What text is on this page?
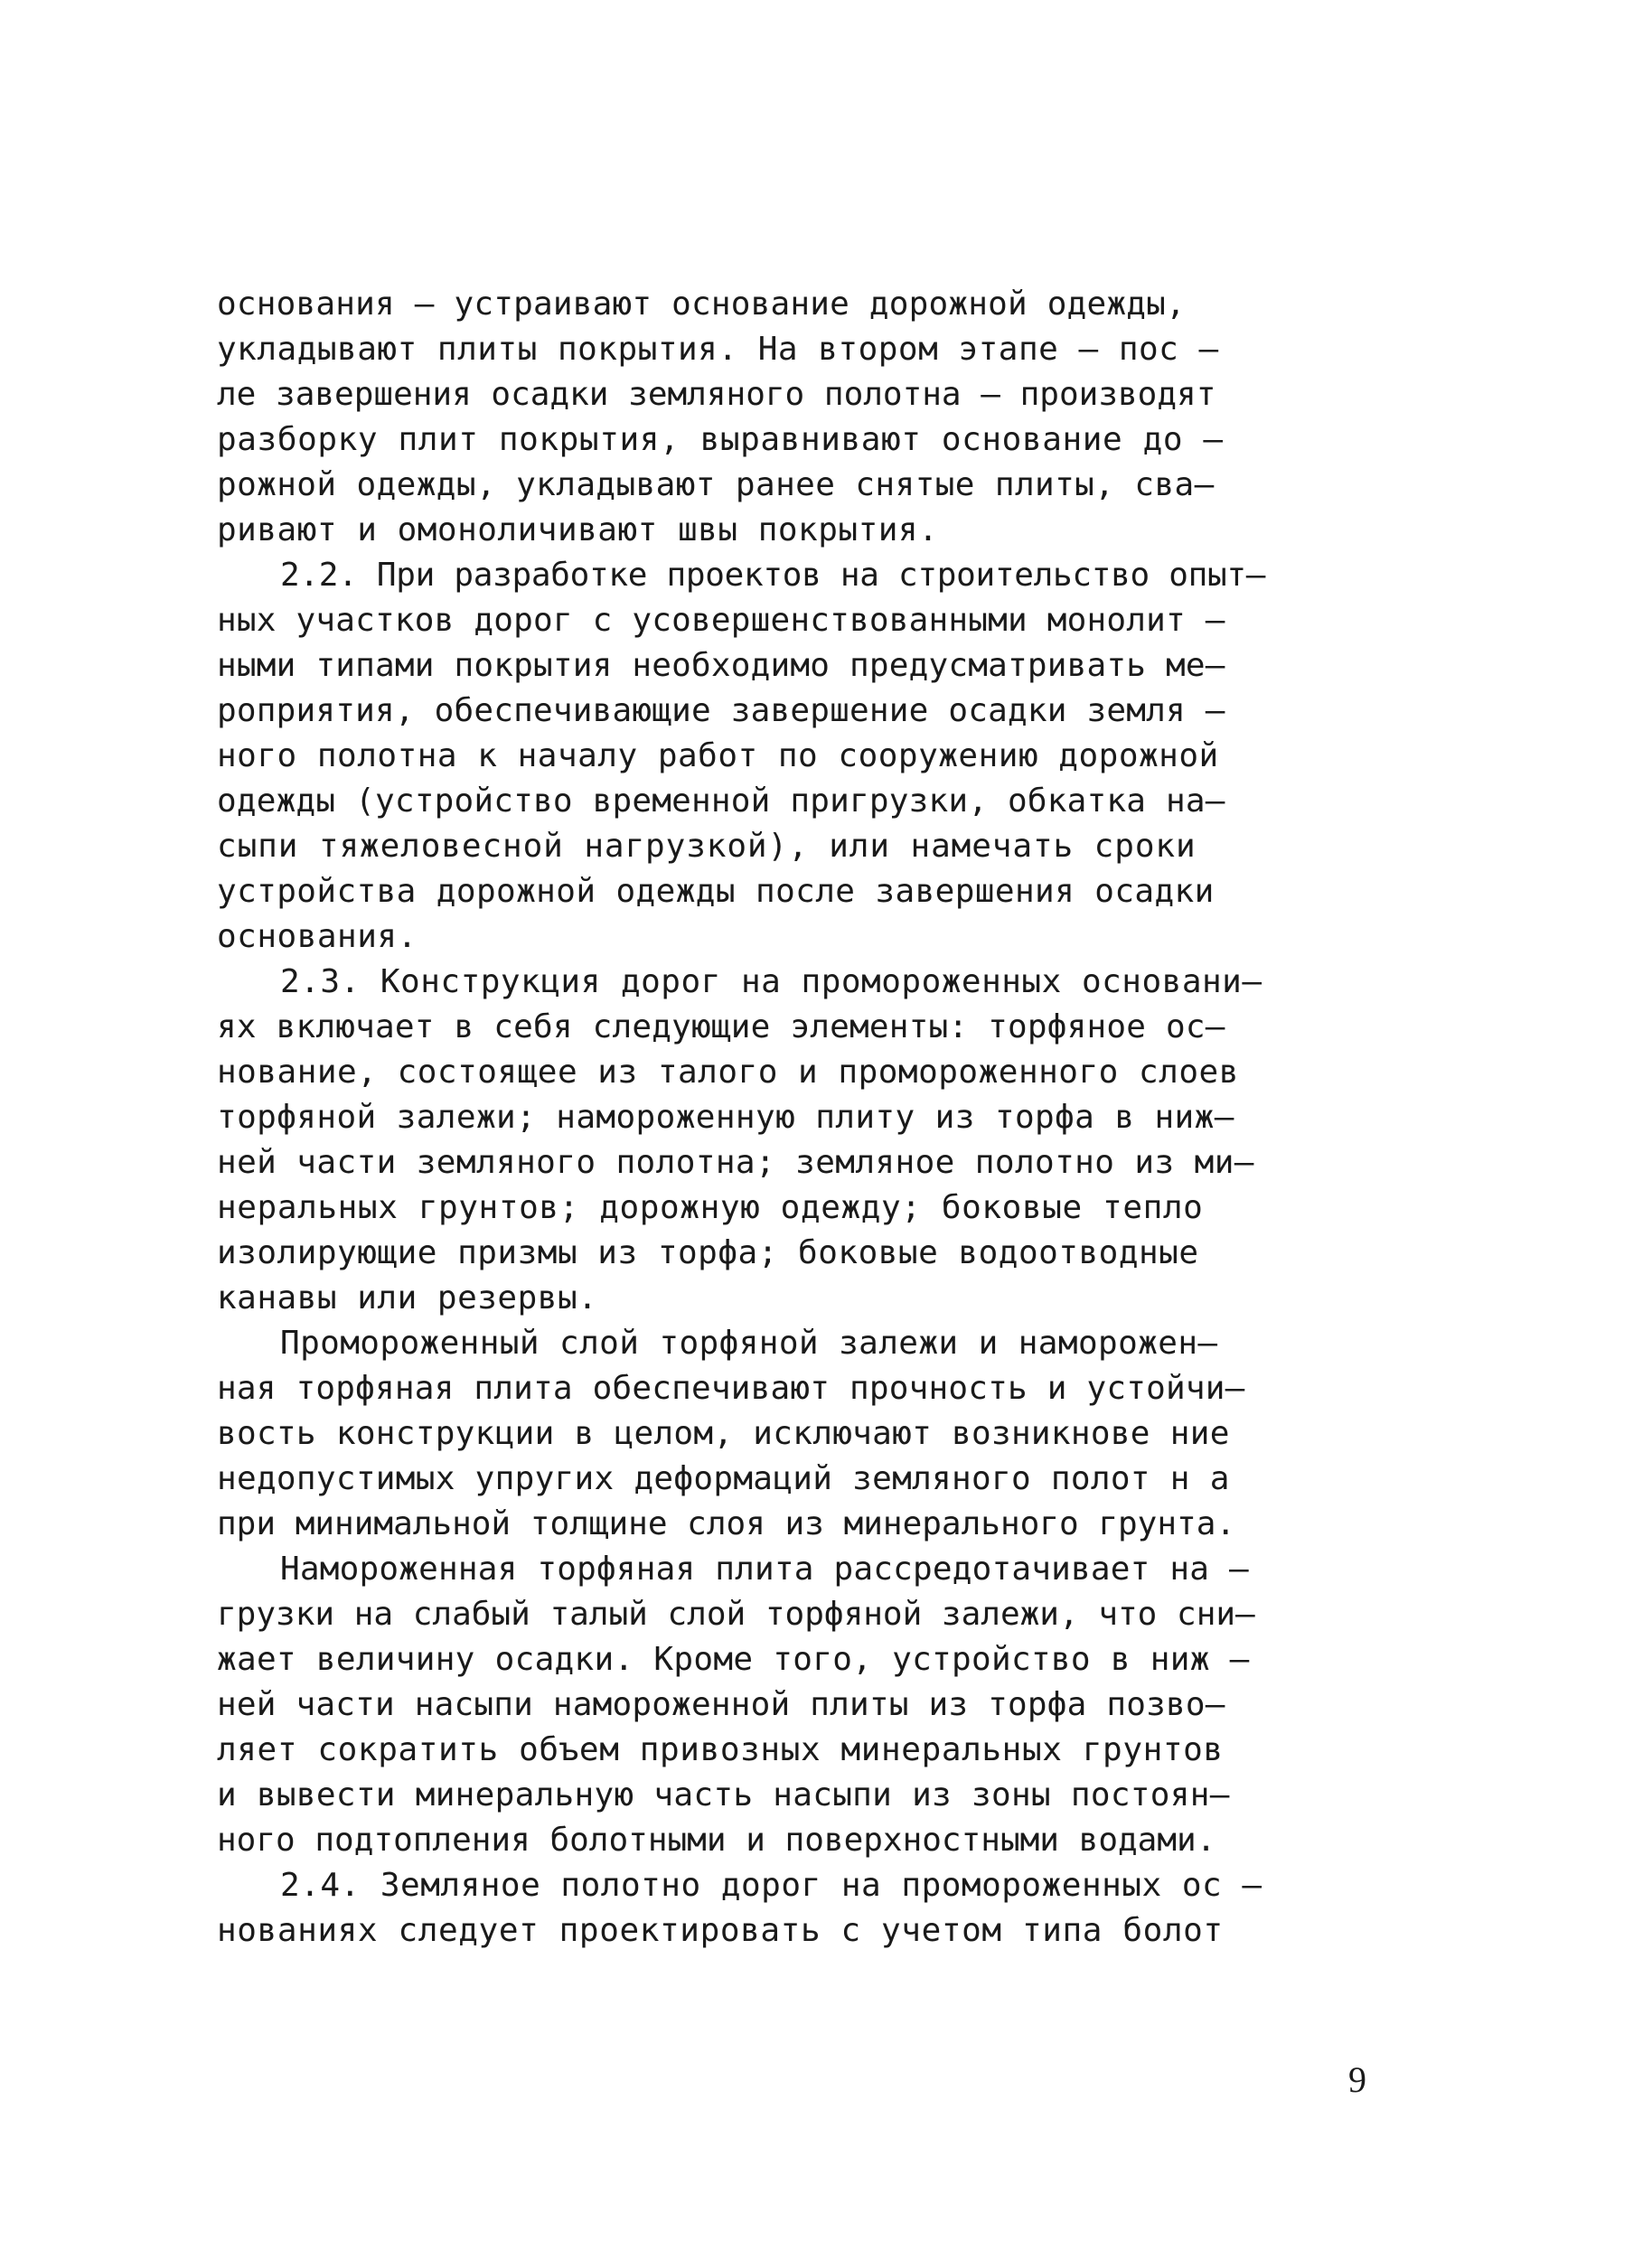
основания – устраивают основание дорожной одежды,
укладывают плиты покрытия. На втором этапе – пос –
ле завершения осадки земляного полотна – производят
разборку плит покрытия, выравнивают основание до –
рожной одежды, укладывают ранее снятые плиты, сва–
ривают и омоноличивают швы покрытия.
2.2. При разработке проектов на строительство опыт–
ных участков дорог с усовершенствованными монолит –
ными типами покрытия необходимо предусматривать ме–
роприятия, обеспечивающие завершение осадки земля –
ного полотна к началу работ по сооружению дорожной
одежды (устройство временной пригрузки, обкатка на–
сыпи тяжеловесной нагрузкой), или намечать сроки
устройства дорожной одежды после завершения осадки
основания.
2.3. Конструкция дорог на промороженных основани–
ях включает в себя следующие элементы: торфяное ос–
нование, состоящее из талого и промороженного слоев
торфяной залежи; намороженную плиту из торфа в ниж–
ней части земляного полотна; земляное полотно из ми–
неральных грунтов; дорожную одежду; боковые тепло
изолирующие призмы из торфа; боковые водоотводные
канавы или резервы.
Промороженный слой торфяной залежи и наморожен–
ная торфяная плита обеспечивают прочность и устойчи–
вость конструкции в целом, исключают возникнове ние
недопустимых упругих деформаций земляного полот н а
при минимальной толщине слоя из минерального грунта.
Намороженная торфяная плита рассредотачивает на –
грузки на слабый талый слой торфяной залежи, что сни–
жает величину осадки. Кроме того, устройство в ниж –
ней части насыпи намороженной плиты из торфа позво–
ляет сократить объем привозных минеральных грунтов
и вывести минеральную часть насыпи из зоны постоян–
ного подтопления болотными и поверхностными водами.
2.4. Земляное полотно дорог на промороженных ос –
нованиях следует проектировать с учетом типа болот
9
